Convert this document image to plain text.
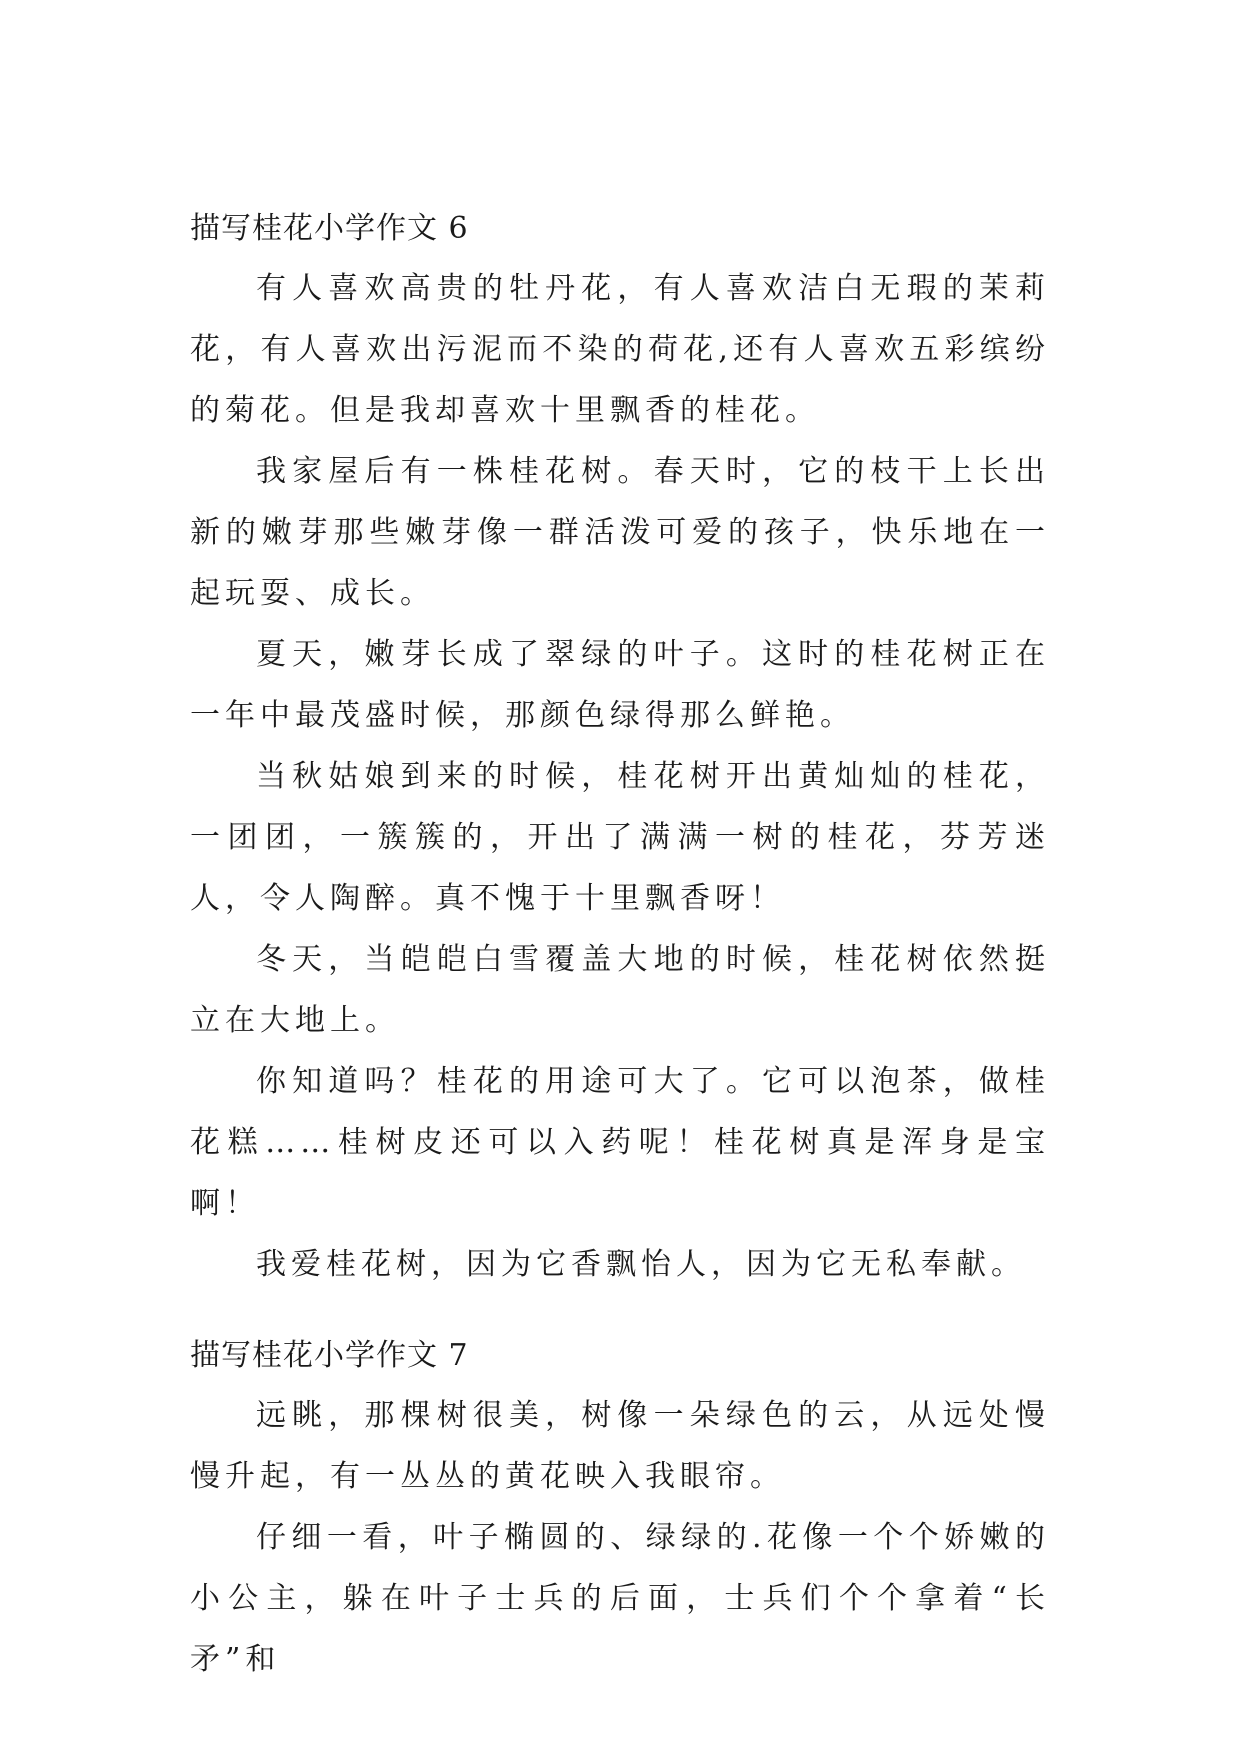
描写桂花小学作文 6

有人喜欢高贵的牡丹花，有人喜欢洁白无瑕的茉莉花，有人喜欢出污泥而不染的荷花,还有人喜欢五彩缤纷的菊花。但是我却喜欢十里飘香的桂花。

我家屋后有一株桂花树。春天时，它的枝干上长出新的嫩芽那些嫩芽像一群活泼可爱的孩子，快乐地在一起玩耍、成长。

夏天，嫩芽长成了翠绿的叶子。这时的桂花树正在一年中最茂盛时候，那颜色绿得那么鲜艳。

当秋姑娘到来的时候，桂花树开出黄灿灿的桂花，一团团，一簇簇的，开出了满满一树的桂花，芬芳迷人，令人陶醉。真不愧于十里飘香呀！

冬天，当皑皑白雪覆盖大地的时候，桂花树依然挺立在大地上。

你知道吗？桂花的用途可大了。它可以泡茶，做桂花糕……桂树皮还可以入药呢！桂花树真是浑身是宝啊！

我爱桂花树，因为它香飘怡人，因为它无私奉献。

描写桂花小学作文 7

远眺，那棵树很美，树像一朵绿色的云，从远处慢慢升起，有一丛丛的黄花映入我眼帘。

仔细一看，叶子椭圆的、绿绿的.花像一个个娇嫩的小公主，躲在叶子士兵的后面，士兵们个个拿着“长矛”和
